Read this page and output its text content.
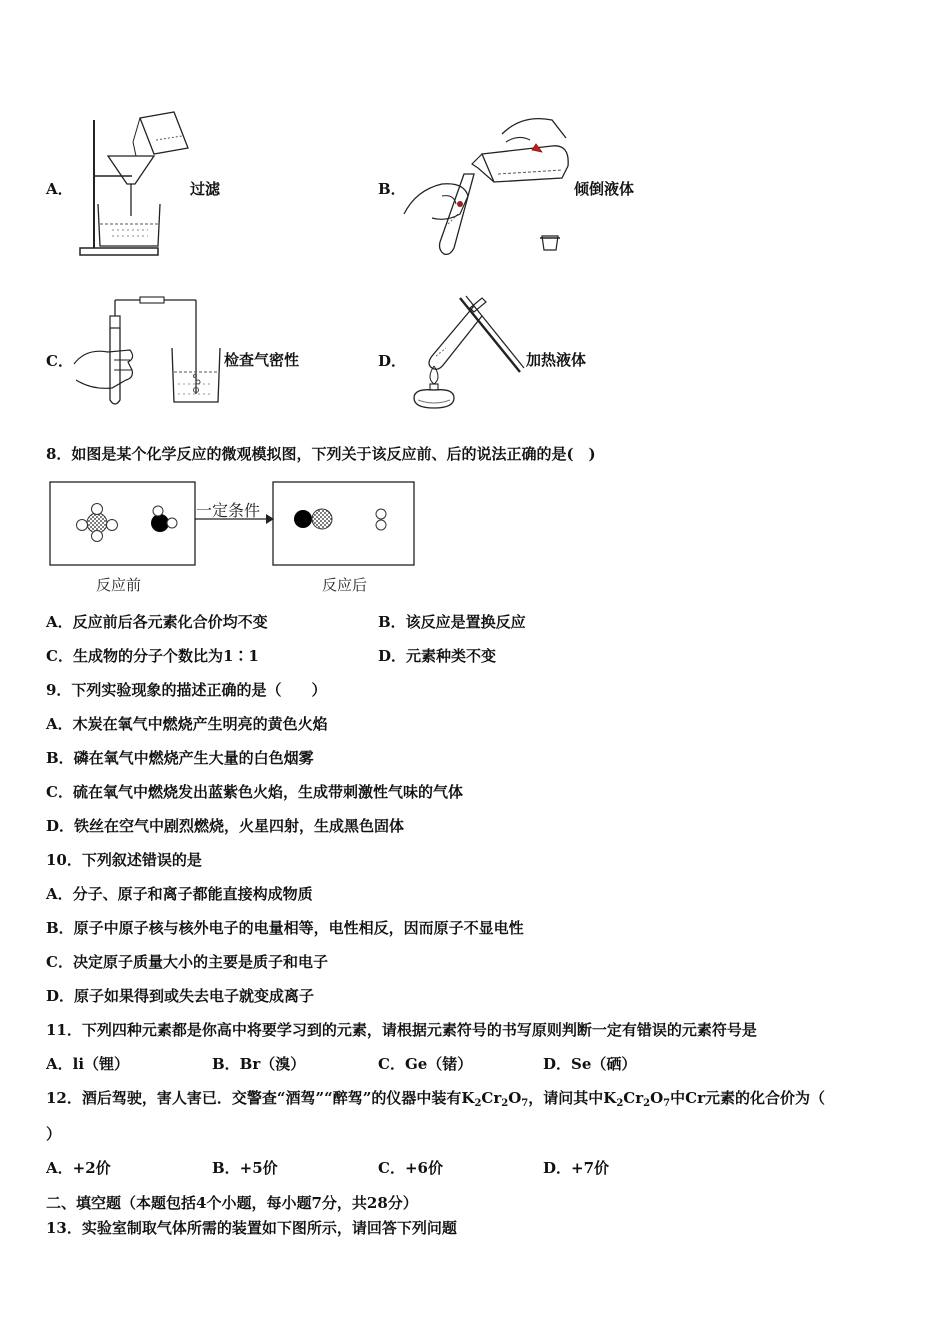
A．	过滤	B．	倾倒液体
C．	检查气密性	D．	加热液体
8．如图是某个化学反应的微观模拟图，下列关于该反应前、后的说法正确的是(　)
一定条件
反应前	反应后
A．反应前后各元素化合价均不变	B．该反应是置换反应
C．生成物的分子个数比为1∶1	D．元素种类不变
9．下列实验现象的描述正确的是（　　）
A．木炭在氧气中燃烧产生明亮的黄色火焰
B．磷在氧气中燃烧产生大量的白色烟雾
C．硫在氧气中燃烧发出蓝紫色火焰，生成带刺激性气味的气体
D．铁丝在空气中剧烈燃烧，火星四射，生成黑色固体
10．下列叙述错误的是
A．分子、原子和离子都能直接构成物质
B．原子中原子核与核外电子的电量相等，电性相反，因而原子不显电性
C．决定原子质量大小的主要是质子和电子
D．原子如果得到或失去电子就变成离子
11．下列四种元素都是你高中将要学习到的元素，请根据元素符号的书写原则判断一定有错误的元素符号是
A．li（锂）	B．Br（溴）	C．Ge（锗）	D．Se（硒）
12．酒后驾驶，害人害已．交警查“酒驾”“醉驾”的仪器中装有$K_2Cr_2O_7$，请问其中$K_2Cr_2O_7$中Cr元素的化合价为（
）
A．+2价	B．+5价	C．+6价	D．+7价
二、填空题（本题包括4个小题，每小题7分，共28分）
13．实验室制取气体所需的装置如下图所示，请回答下列问题
